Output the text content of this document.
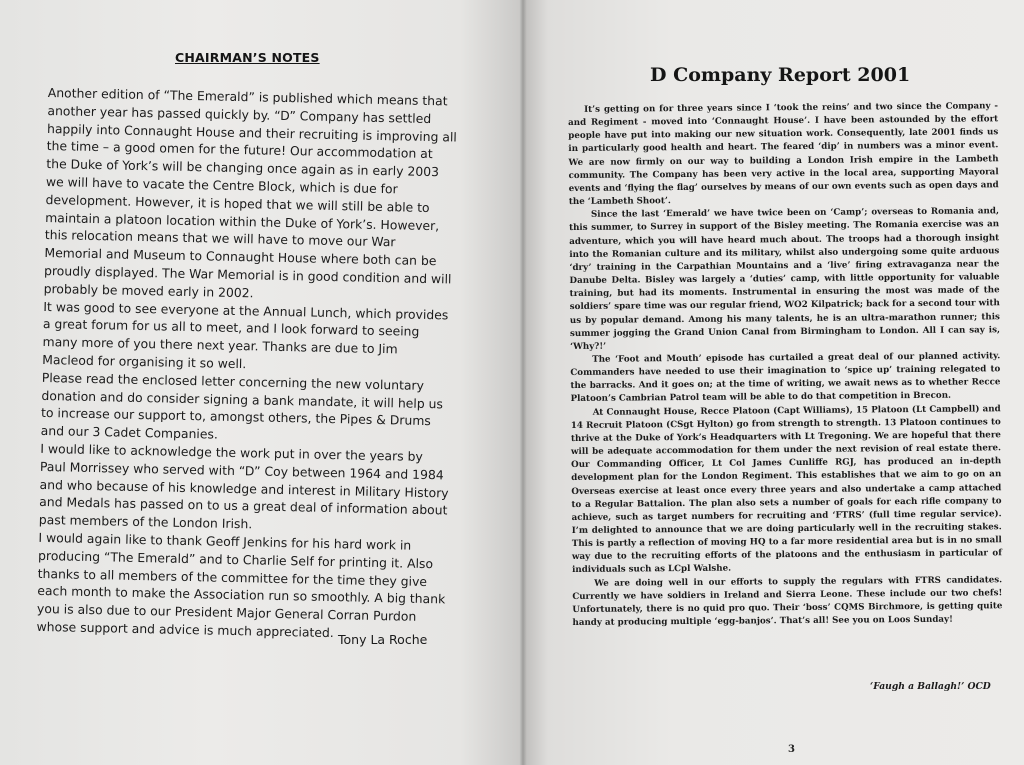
CHAIRMAN’S NOTES

Another edition of “The Emerald” is published which means that another year has passed quickly by. “D” Company has settled happily into Connaught House and their recruiting is improving all the time – a good omen for the future! Our accommodation at the Duke of York’s will be changing once again as in early 2003 we will have to vacate the Centre Block, which is due for development. However, it is hoped that we will still be able to maintain a platoon location within the Duke of York’s. However, this relocation means that we will have to move our War Memorial and Museum to Connaught House where both can be proudly displayed. The War Memorial is in good condition and will probably be moved early in 2002.

It was good to see everyone at the Annual Lunch, which provides a great forum for us all to meet, and I look forward to seeing many more of you there next year. Thanks are due to Jim Macleod for organising it so well.

Please read the enclosed letter concerning the new voluntary donation and do consider signing a bank mandate, it will help us to increase our support to, amongst others, the Pipes & Drums and our 3 Cadet Companies.

I would like to acknowledge the work put in over the years by Paul Morrissey who served with “D” Coy between 1964 and 1984 and who because of his knowledge and interest in Military History and Medals has passed on to us a great deal of information about past members of the London Irish.

I would again like to thank Geoff Jenkins for his hard work in producing “The Emerald” and to Charlie Self for printing it. Also thanks to all members of the committee for the time they give each month to make the Association run so smoothly. A big thank you is also due to our President Major General Corran Purdon whose support and advice is much appreciated. Tony La Roche
D Company Report 2001

It’s getting on for three years since I ‘took the reins’ and two since the Company - and Regiment - moved into ‘Connaught House’. I have been astounded by the effort people have put into making our new situation work. Consequently, late 2001 finds us in particularly good health and heart. The feared ‘dip’ in numbers was a minor event. We are now firmly on our way to building a London Irish empire in the Lambeth community. The Company has been very active in the local area, supporting Mayoral events and ‘flying the flag’ ourselves by means of our own events such as open days and the ‘Lambeth Shoot’.

Since the last ‘Emerald’ we have twice been on ‘Camp’; overseas to Romania and, this summer, to Surrey in support of the Bisley meeting. The Romania exercise was an adventure, which you will have heard much about. The troops had a thorough insight into the Romanian culture and its military, whilst also undergoing some quite arduous ‘dry’ training in the Carpathian Mountains and a ‘live’ firing extravaganza near the Danube Delta. Bisley was largely a ‘duties’ camp, with little opportunity for valuable training, but had its moments. Instrumental in ensuring the most was made of the soldiers’ spare time was our regular friend, WO2 Kilpatrick; back for a second tour with us by popular demand. Among his many talents, he is an ultra-marathon runner; this summer jogging the Grand Union Canal from Birmingham to London. All I can say is, ‘Why?!’

The ‘Foot and Mouth’ episode has curtailed a great deal of our planned activity. Commanders have needed to use their imagination to ‘spice up’ training relegated to the barracks. And it goes on; at the time of writing, we await news as to whether Recce Platoon’s Cambrian Patrol team will be able to do that competition in Brecon.

At Connaught House, Recce Platoon (Capt Williams), 15 Platoon (Lt Campbell) and 14 Recruit Platoon (CSgt Hylton) go from strength to strength. 13 Platoon continues to thrive at the Duke of York’s Headquarters with Lt Tregoning. We are hopeful that there will be adequate accommodation for them under the next revision of real estate there. Our Commanding Officer, Lt Col James Cunliffe RGJ, has produced an in-depth development plan for the London Regiment. This establishes that we aim to go on an Overseas exercise at least once every three years and also undertake a camp attached to a Regular Battalion. The plan also sets a number of goals for each rifle company to achieve, such as target numbers for recruiting and ‘FTRS’ (full time regular service). I’m delighted to announce that we are doing particularly well in the recruiting stakes. This is partly a reflection of moving HQ to a far more residential area but is in no small way due to the recruiting efforts of the platoons and the enthusiasm in particular of individuals such as LCpl Walshe.

We are doing well in our efforts to supply the regulars with FTRS candidates. Currently we have soldiers in Ireland and Sierra Leone. These include our two chefs! Unfortunately, there is no quid pro quo. Their ‘boss’ CQMS Birchmore, is getting quite handy at producing multiple ‘egg-banjos’. That’s all! See you on Loos Sunday!

‘Faugh a Ballagh!’ OCD
3
